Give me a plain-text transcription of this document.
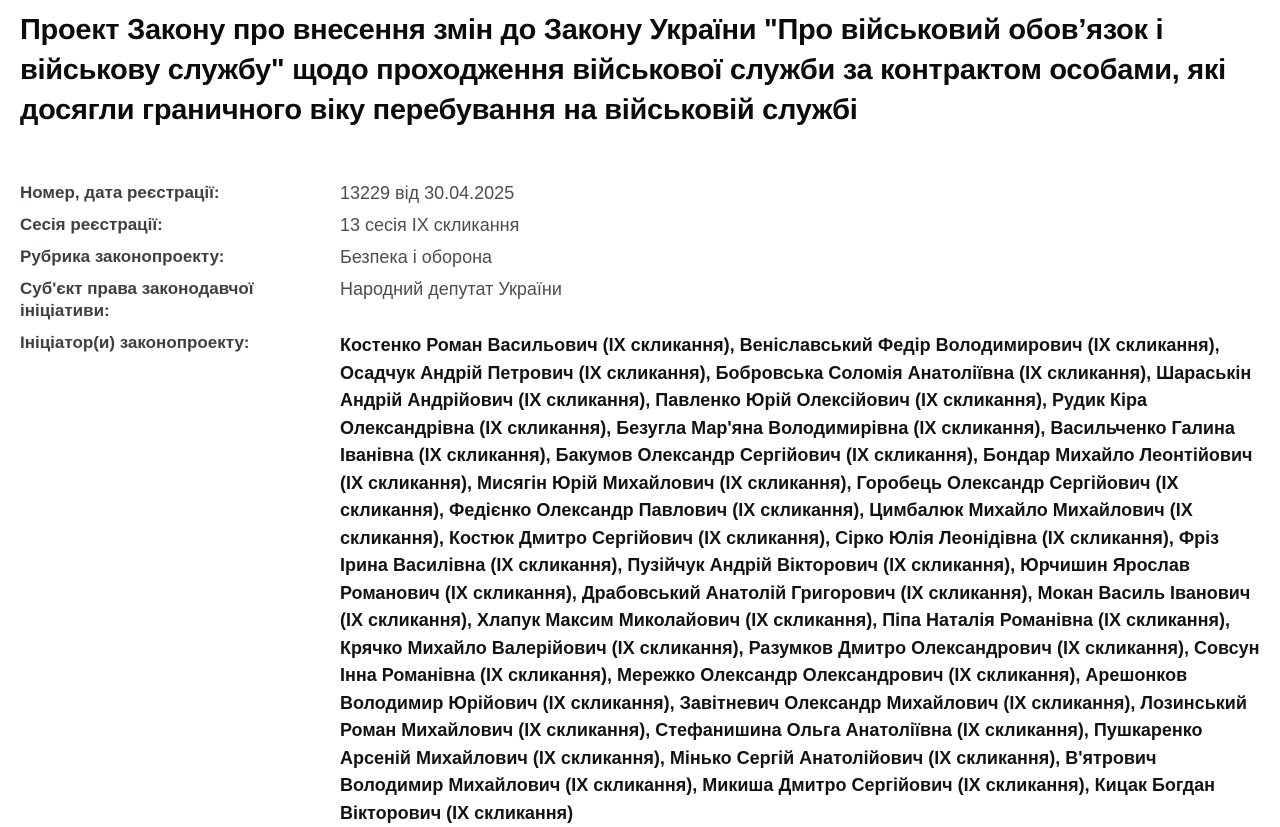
Проект Закону про внесення змін до Закону України "Про військовий обов’язок і військову службу" щодо проходження військової служби за контрактом особами, які досягли граничного віку перебування на військовій службі
Номер, дата реєстрації:	13229 від 30.04.2025
Сесія реєстрації:	13 сесія IX скликання
Рубрика законопроекту:	Безпека і оборона
Суб'єкт права законодавчої ініціативи:
Народний депутат України
Ініціатор(и) законопроекту:	Костенко Роман Васильович (IX скликання), Веніславський Федір Володимирович (IX скликання), Осадчук Андрій Петрович (IX скликання), Бобровська Соломія Анатоліївна (IX скликання), Шараськін Андрій Андрійович (IX скликання), Павленко Юрій Олексійович (IX скликання), Рудик Кіра Олександрівна (IX скликання), Безугла Мар'яна Володимирівна (IX скликання), Васильченко Галина Іванівна (IX скликання), Бакумов Олександр Сергійович (IX скликання), Бондар Михайло Леонтійович (IX скликання), Мисягін Юрій Михайлович (IX скликання), Горобець Олександр Сергійович (IX скликання), Федієнко Олександр Павлович (IX скликання), Цимбалюк Михайло Михайлович (IX скликання), Костюк Дмитро Сергійович (IX скликання), Сірко Юлія Леонідівна (IX скликання), Фріз Ірина Василівна (IX скликання), Пузійчук Андрій Вікторович (IX скликання), Юрчишин Ярослав Романович (IX скликання), Драбовський Анатолій Григорович (IX скликання), Мокан Василь Іванович (IX скликання), Хлапук Максим Миколайович (IX скликання), Піпа Наталія Романівна (IX скликання), Крячко Михайло Валерійович (IX скликання), Разумков Дмитро Олександрович (IX скликання), Совсун Інна Романівна (IX скликання), Мережко Олександр Олександрович (IX скликання), Арешонков Володимир Юрійович (IX скликання), Завітневич Олександр Михайлович (IX скликання), Лозинський Роман Михайлович (IX скликання), Стефанишина Ольга Анатоліївна (IX скликання), Пушкаренко Арсеній Михайлович (IX скликання), Мінько Сергій Анатолійович (IX скликання), В'ятрович Володимир Михайлович (IX скликання), Микиша Дмитро Сергійович (IX скликання), Кицак Богдан Вікторович (IX скликання)
